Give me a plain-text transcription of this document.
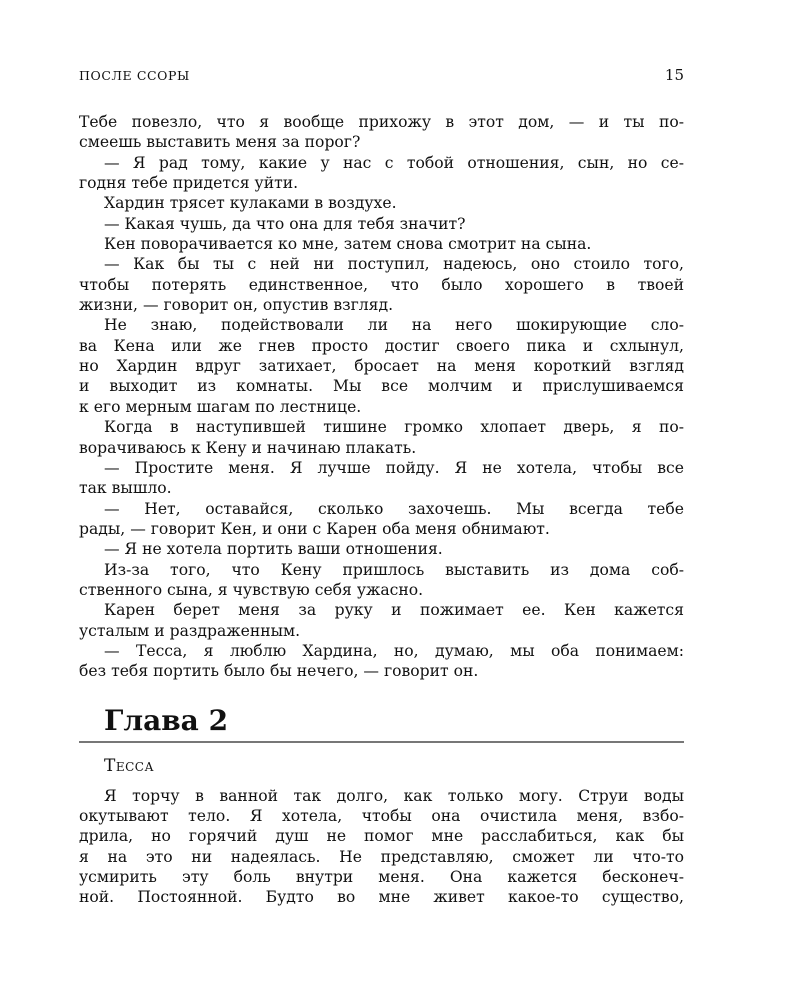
ПОСЛЕ ССОРЫ	15
Тебе повезло, что я вообще прихожу в этот дом, — и ты по-
смеешь выставить меня за порог?
— Я рад тому, какие у нас с тобой отношения, сын, но се-
годня тебе придется уйти.
Хардин трясет кулаками в воздухе.
— Какая чушь, да что она для тебя значит?
Кен поворачивается ко мне, затем снова смотрит на сына.
— Как бы ты с ней ни поступил, надеюсь, оно стоило того,
чтобы потерять единственное, что было хорошего в твоей
жизни, — говорит он, опустив взгляд.
Не знаю, подействовали ли на него шокирующие сло-
ва Кена или же гнев просто достиг своего пика и схлынул,
но Хардин вдруг затихает, бросает на меня короткий взгляд
и выходит из комнаты. Мы все молчим и прислушиваемся
к его мерным шагам по лестнице.
Когда в наступившей тишине громко хлопает дверь, я по-
ворачиваюсь к Кену и начинаю плакать.
— Простите меня. Я лучше пойду. Я не хотела, чтобы все
так вышло.
— Нет, оставайся, сколько захочешь. Мы всегда тебе
рады, — говорит Кен, и они с Карен оба меня обнимают.
— Я не хотела портить ваши отношения.
Из-за того, что Кену пришлось выставить из дома соб-
ственного сына, я чувствую себя ужасно.
Карен берет меня за руку и пожимает ее. Кен кажется
усталым и раздраженным.
— Тесса, я люблю Хардина, но, думаю, мы оба понимаем:
без тебя портить было бы нечего, — говорит он.
Глава 2
Тесса
Я торчу в ванной так долго, как только могу. Струи воды
окутывают тело. Я хотела, чтобы она очистила меня, взбо-
дрила, но горячий душ не помог мне расслабиться, как бы
я на это ни надеялась. Не представляю, сможет ли что-то
усмирить эту боль внутри меня. Она кажется бесконеч-
ной. Постоянной. Будто во мне живет какое-то существо,
